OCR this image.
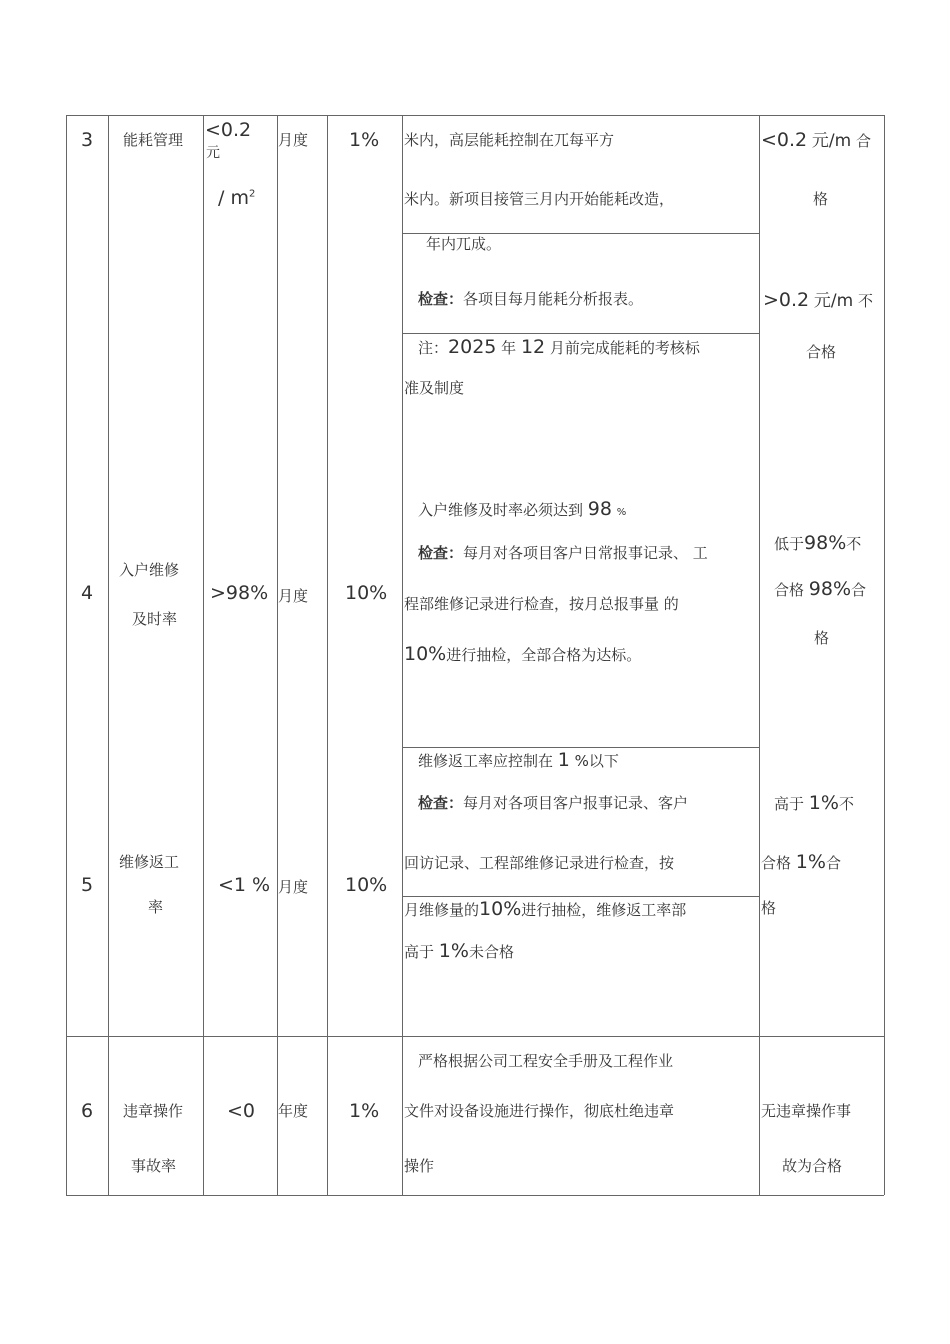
3 能耗管理 <0.2
元
/ $m^2$
月度 1% 米内，高层能耗控制在兀每平方
米内。新项目接管三月内开始能耗改造，
年内兀成。
检查：各项目每月能耗分析报表。
注：2025 年 12 月前完成能耗的考核标
准及制度
<0.2 元/m 合
格
>0.2 元/m 不
合格
4
入户维修
及时率
>98% 月度 10%
入户维修及时率必须达到 98 %
检查：每月对各项目客户日常报事记录、 工
程部维修记录进行检查，按月总报事量 的
10%进行抽检，全部合格为达标。
低于98%不
合格 98%合
格
5
维修返工
率
<1 % 月度 10%
维修返工率应控制在 1 %以下
检查：每月对各项目客户报事记录、客户
回访记录、工程部维修记录进行检查，按
月维修量的10%进行抽检，维修返工率部
高于 1%未合格
高于 1%不
合格 1%合
格
6 违章操作
事故率
<0 年度 1%
严格根据公司工程安全手册及工程作业
文件对设备设施进行操作，彻底杜绝违章
操作
无违章操作事
故为合格
